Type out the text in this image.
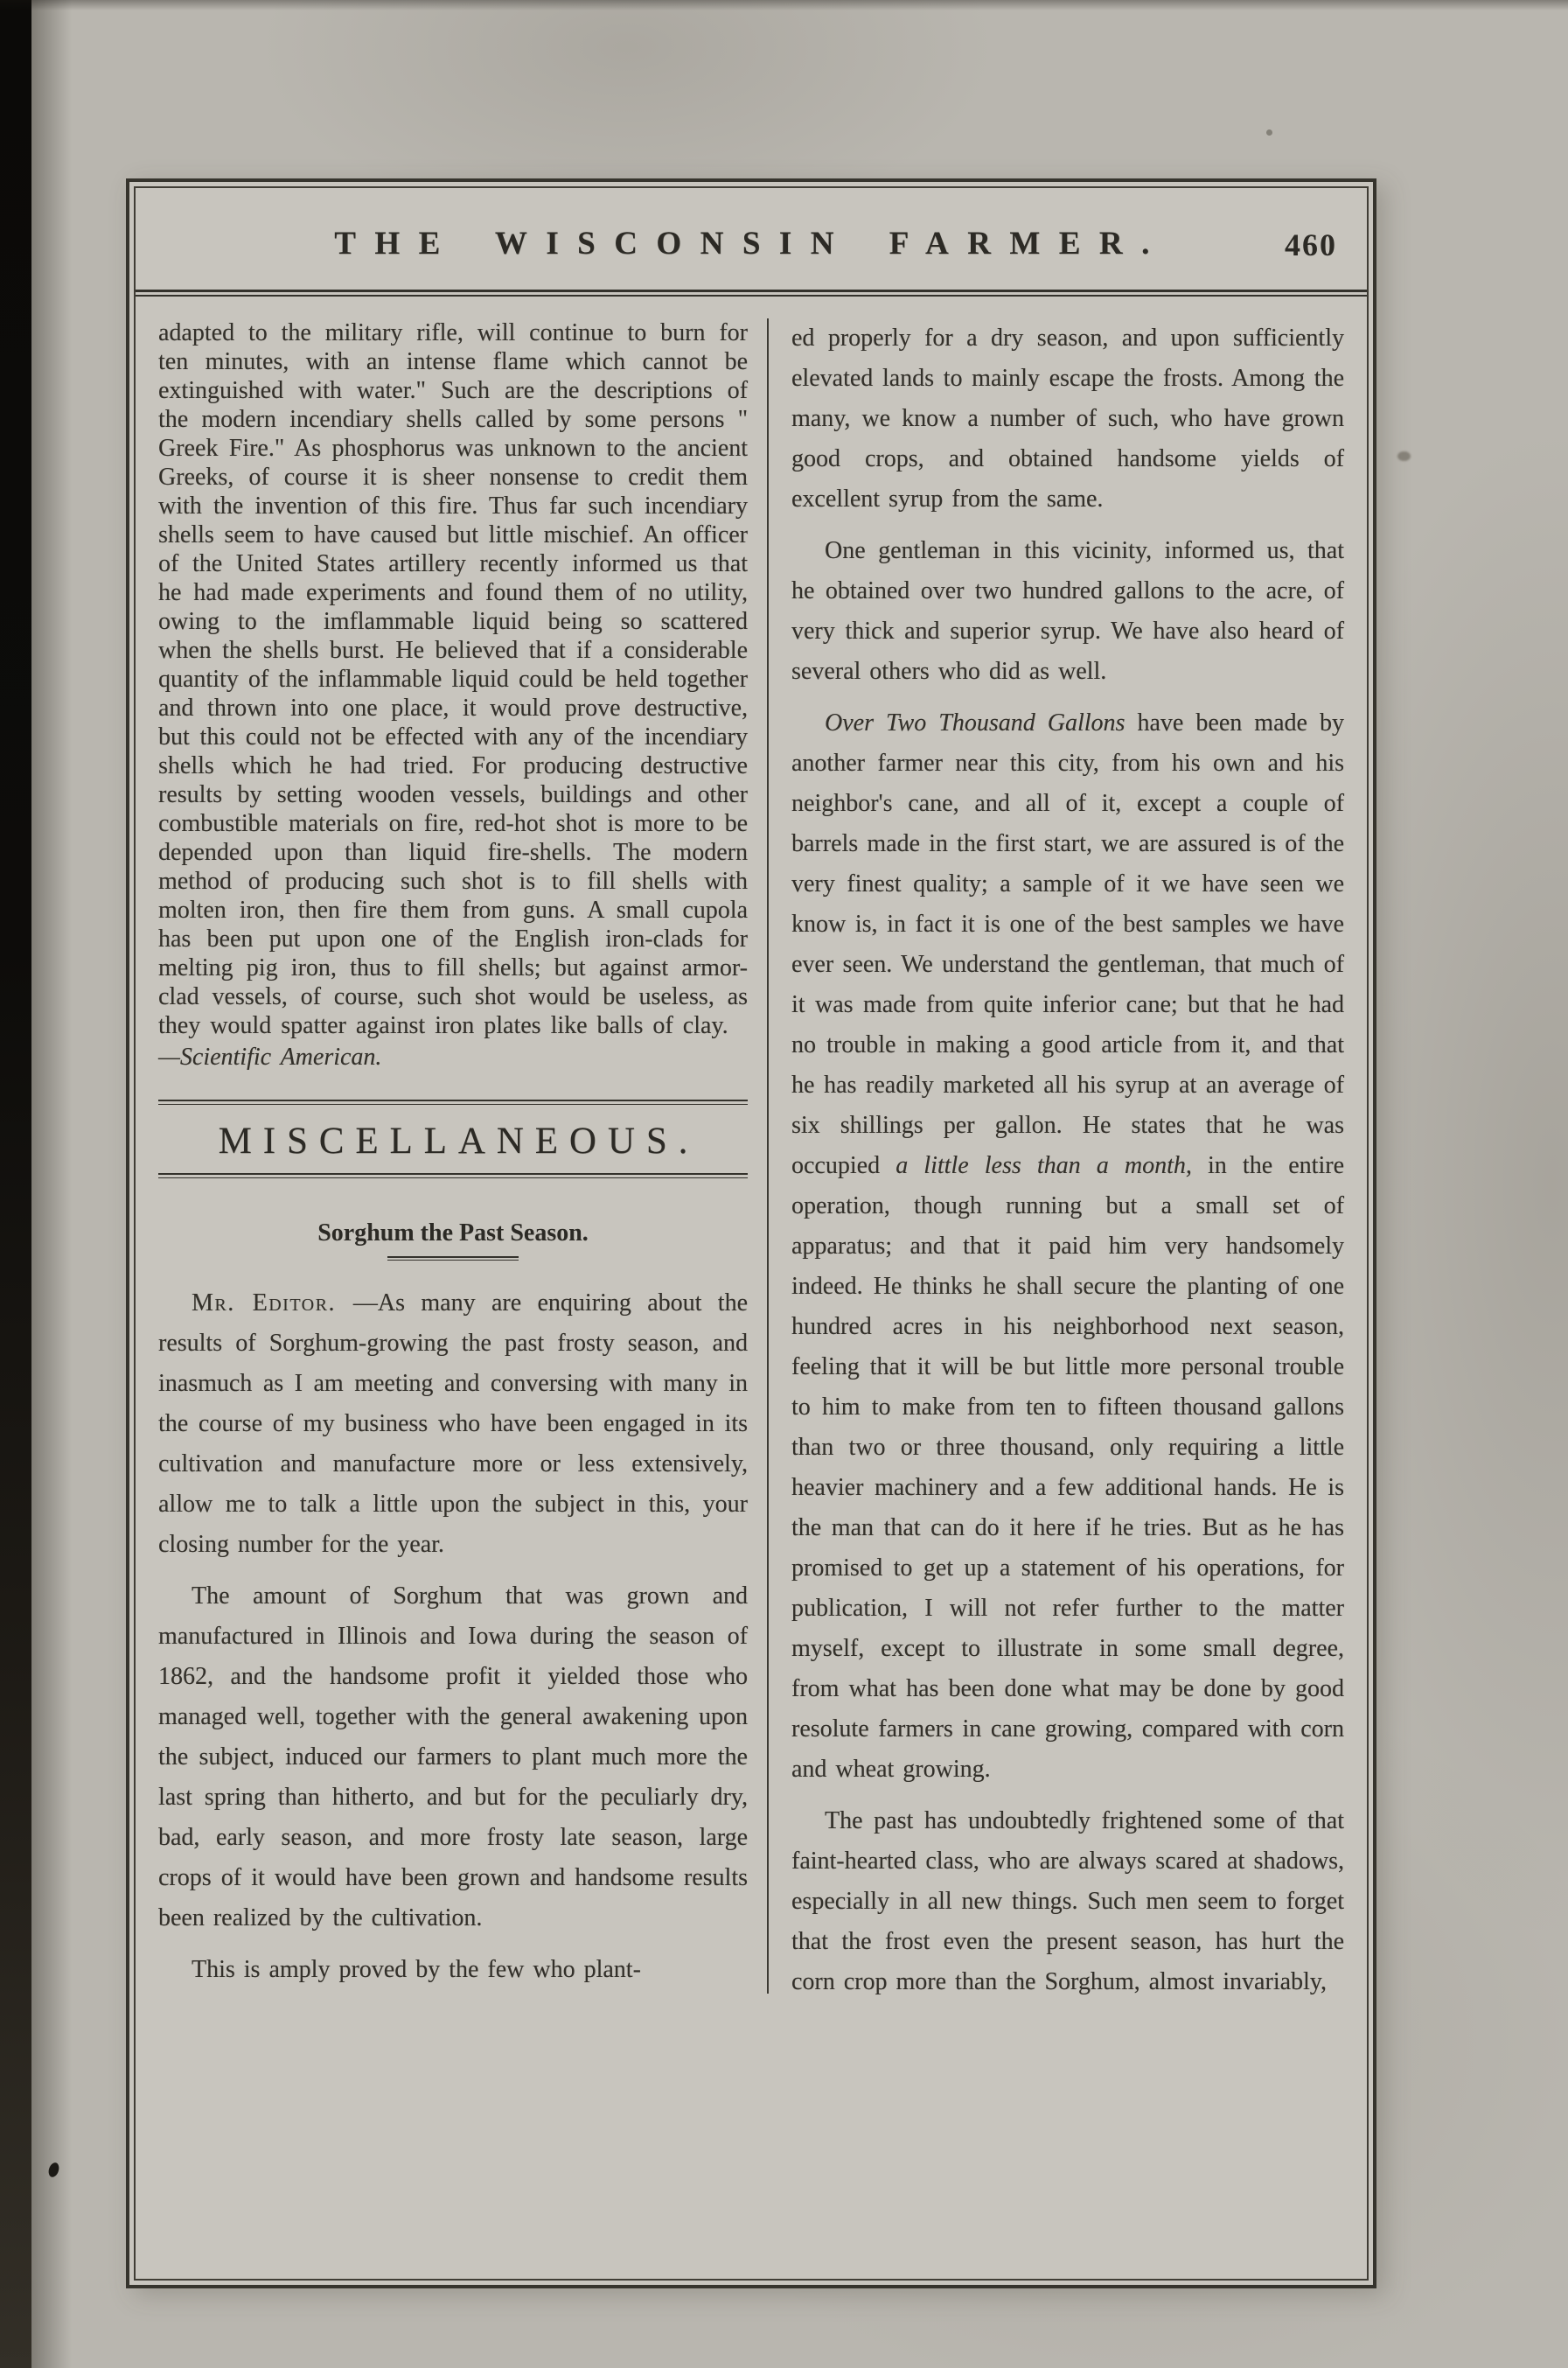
THE WISCONSIN FARMER.	460

adapted to the military rifle, will continue to burn for ten minutes, with an intense flame which cannot be extinguished with water." Such are the descriptions of the modern incendiary shells called by some persons " Greek Fire." As phosphorus was unknown to the ancient Greeks, of course it is sheer nonsense to credit them with the invention of this fire. Thus far such incendiary shells seem to have caused but little mischief. An officer of the United States artillery recently informed us that he had made experiments and found them of no utility, owing to the imflammable liquid being so scattered when the shells burst. He believed that if a considerable quantity of the inflammable liquid could be held together and thrown into one place, it would prove destructive, but this could not be effected with any of the incendiary shells which he had tried. For producing destructive results by setting wooden vessels, buildings and other combustible materials on fire, red-hot shot is more to be depended upon than liquid fire-shells. The modern method of producing such shot is to fill shells with molten iron, then fire them from guns. A small cupola has been put upon one of the English iron-clads for melting pig iron, thus to fill shells; but against armor-clad vessels, of course, such shot would be useless, as they would spatter against iron plates like balls of clay.

—Scientific American.

MISCELLANEOUS.
Sorghum the Past Season.

Mr. Editor. —As many are enquiring about the results of Sorghum-growing the past frosty season, and inasmuch as I am meeting and conversing with many in the course of my business who have been engaged in its cultivation and manufacture more or less extensively, allow me to talk a little upon the subject in this, your closing number for the year.

The amount of Sorghum that was grown and manufactured in Illinois and Iowa during the season of 1862, and the handsome profit it yielded those who managed well, together with the general awakening upon the subject, induced our farmers to plant much more the last spring than hitherto, and but for the peculiarly dry, bad, early season, and more frosty late season, large crops of it would have been grown and handsome results been realized by the cultivation.

This is amply proved by the few who plant-

ed properly for a dry season, and upon sufficiently elevated lands to mainly escape the frosts. Among the many, we know a number of such, who have grown good crops, and obtained handsome yields of excellent syrup from the same.

One gentleman in this vicinity, informed us, that he obtained over two hundred gallons to the acre, of very thick and superior syrup. We have also heard of several others who did as well.

Over Two Thousand Gallons have been made by another farmer near this city, from his own and his neighbor's cane, and all of it, except a couple of barrels made in the first start, we are assured is of the very finest quality; a sample of it we have seen we know is, in fact it is one of the best samples we have ever seen. We understand the gentleman, that much of it was made from quite inferior cane; but that he had no trouble in making a good article from it, and that he has readily marketed all his syrup at an average of six shillings per gallon. He states that he was occupied a little less than a month, in the entire operation, though running but a small set of apparatus; and that it paid him very handsomely indeed. He thinks he shall secure the planting of one hundred acres in his neighborhood next season, feeling that it will be but little more personal trouble to him to make from ten to fifteen thousand gallons than two or three thousand, only requiring a little heavier machinery and a few additional hands. He is the man that can do it here if he tries. But as he has promised to get up a statement of his operations, for publication, I will not refer further to the matter myself, except to illustrate in some small degree, from what has been done what may be done by good resolute farmers in cane growing, compared with corn and wheat growing.

The past has undoubtedly frightened some of that faint-hearted class, who are always scared at shadows, especially in all new things. Such men seem to forget that the frost even the present season, has hurt the corn crop more than the Sorghum, almost invariably,
